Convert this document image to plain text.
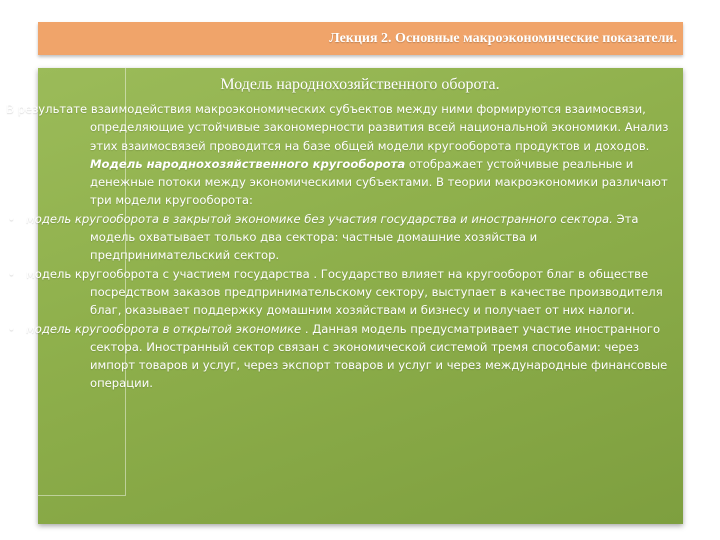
Лекция 2. Основные макроэкономические показатели.
Модель народнохозяйственного оборота.

В результате взаимодействия макроэкономических субъектов между ними формируются взаимосвязи, определяющие устойчивые закономерности развития всей национальной экономики. Анализ этих взаимосвязей проводится на базе общей модели кругооборота продуктов и доходов. Модель народнохозяйственного кругооборота отображает устойчивые реальные и денежные потоки между экономическими субъектами. В теории макроэкономики различают три модели кругооборота:

• модель кругооборота в закрытой экономике без участия государства и иностранного сектора. Эта модель охватывает только два сектора: частные домашние хозяйства и предпринимательский сектор.

• модель кругооборота с участием государства . Государство влияет на кругооборот благ в обществе посредством заказов предпринимательскому сектору, выступает в качестве производителя благ, оказывает поддержку домашним хозяйствам и бизнесу и получает от них налоги.

• модель кругооборота в открытой экономике . Данная модель предусматривает участие иностранного сектора. Иностранный сектор связан с экономической системой тремя способами: через импорт товаров и услуг, через экспорт товаров и услуг и через международные финансовые операции.
